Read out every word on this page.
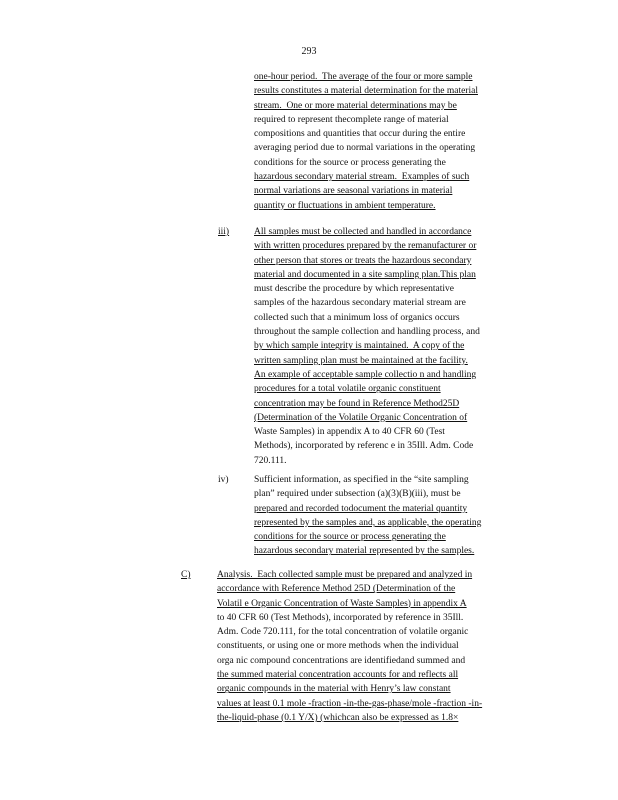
293
one-hour period.  The average of the four or more sample
results constitutes a material determination for the material
stream.  One or more material determinations may be
required to represent thecomplete range of material
compositions and quantities that occur during the entire
averaging period due to normal variations in the operating
conditions for the source or process generating the
hazardous secondary material stream.  Examples of such
normal variations are seasonal variations in material
quantity or fluctuations in ambient temperature.
iii)	All samples must be collected and handled in accordance
with written procedures prepared by the remanufacturer or
other person that stores or treats the hazardous secondary
material and documented in a site sampling plan.This plan
must describe the procedure by which representative
samples of the hazardous secondary material stream are
collected such that a minimum loss of organics occurs
throughout the sample collection and handling process, and
by which sample integrity is maintained.  A copy of the
written sampling plan must be maintained at the facility.
An example of acceptable sample collectio n and handling
procedures for a total volatile organic constituent
concentration may be found in Reference Method25D
(Determination of the Volatile Organic Concentration of
Waste Samples) in appendix A to 40 CFR 60 (Test
Methods), incorporated by referenc e in 35Ill. Adm. Code
720.111.
iv)	Sufficient information, as specified in the “site sampling
plan” required under subsection (a)(3)(B)(iii), must be
prepared and recorded todocument the material quantity
represented by the samples and, as applicable, the operating
conditions for the source or process generating the
hazardous secondary material represented by the samples.
C)	Analysis.  Each collected sample must be prepared and analyzed in
accordance with Reference Method 25D (Determination of the
Volatil e Organic Concentration of Waste Samples) in appendix A
to 40 CFR 60 (Test Methods), incorporated by reference in 35Ill.
Adm. Code 720.111, for the total concentration of volatile organic
constituents, or using one or more methods when the individual
orga nic compound concentrations are identifiedand summed and
the summed material concentration accounts for and reflects all
organic compounds in the material with Henry’s law constant
values at least 0.1 mole -fraction -in-the-gas-phase/mole -fraction -in-
the-liquid-phase (0.1 Y/X) (whichcan also be expressed as 1.8×
